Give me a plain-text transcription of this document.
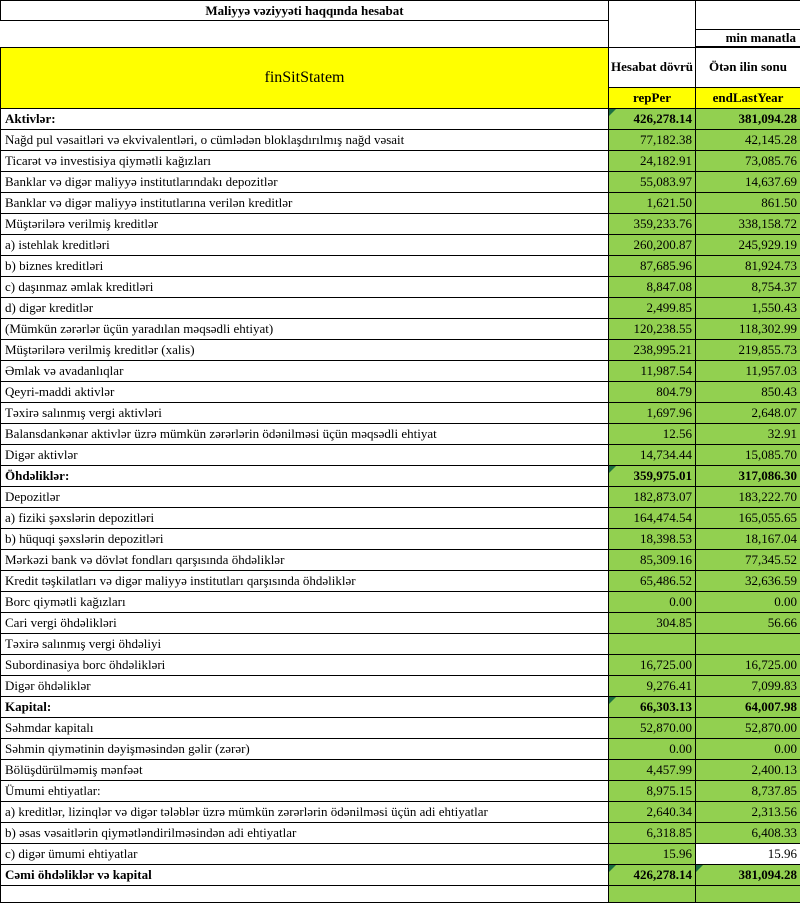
Maliyyə vəziyyəti haqqında hesabat		

		min manatla
finSitStatem	Hesabat dövrü	Ötən ilin sonu
	repPer	endLastYear
Aktivlər:	426,278.14	381,094.28
Nağd pul vəsaitləri və ekvivalentləri, o cümlədən bloklaşdırılmış nağd vəsait	77,182.38	42,145.28
Ticarət və investisiya qiymətli kağızları	24,182.91	73,085.76
Banklar və digər maliyyə institutlarındakı depozitlər	55,083.97	14,637.69
Banklar və digər maliyyə institutlarına verilən kreditlər	1,621.50	861.50
Müştərilərə verilmiş kreditlər	359,233.76	338,158.72
a) istehlak kreditləri	260,200.87	245,929.19
b) biznes kreditləri	87,685.96	81,924.73
c) daşınmaz əmlak kreditləri	8,847.08	8,754.37
d) digər kreditlər	2,499.85	1,550.43
(Mümkün zərərlər üçün yaradılan məqsədli ehtiyat)	120,238.55	118,302.99
Müştərilərə verilmiş kreditlər (xalis)	238,995.21	219,855.73
Əmlak və avadanlıqlar	11,987.54	11,957.03
Qeyri-maddi aktivlər	804.79	850.43
Təxirə salınmış vergi aktivləri	1,697.96	2,648.07
Balansdankənar aktivlər üzrə mümkün zərərlərin ödənilməsi üçün məqsədli ehtiyat	12.56	32.91
Digər aktivlər	14,734.44	15,085.70
Öhdəliklər:	359,975.01	317,086.30
Depozitlər	182,873.07	183,222.70
a) fiziki şəxslərin depozitləri	164,474.54	165,055.65
b) hüquqi şəxslərin depozitləri	18,398.53	18,167.04
Mərkəzi bank və dövlət fondları qarşısında öhdəliklər	85,309.16	77,345.52
Kredit təşkilatları və digər maliyyə institutları qarşısında öhdəliklər	65,486.52	32,636.59
Borc qiymətli kağızları	0.00	0.00
Cari vergi öhdəlikləri	304.85	56.66
Təxirə salınmış vergi öhdəliyi		
Subordinasiya borc öhdəlikləri	16,725.00	16,725.00
Digər öhdəliklər	9,276.41	7,099.83
Kapital:	66,303.13	64,007.98
Səhmdar kapitalı	52,870.00	52,870.00
Səhmin qiymətinin dəyişməsindən gəlir (zərər)	0.00	0.00
Bölüşdürülməmiş mənfəət	4,457.99	2,400.13
Ümumi ehtiyatlar:	8,975.15	8,737.85
a) kreditlər, lizinqlər və digər tələblər üzrə mümkün zərərlərin ödənilməsi üçün adi ehtiyatlar	2,640.34	2,313.56
b) əsas vəsaitlərin qiymətləndirilməsindən adi ehtiyatlar	6,318.85	6,408.33
c) digər ümumi ehtiyatlar	15.96	15.96
Cəmi öhdəliklər və kapital	426,278.14	381,094.28
